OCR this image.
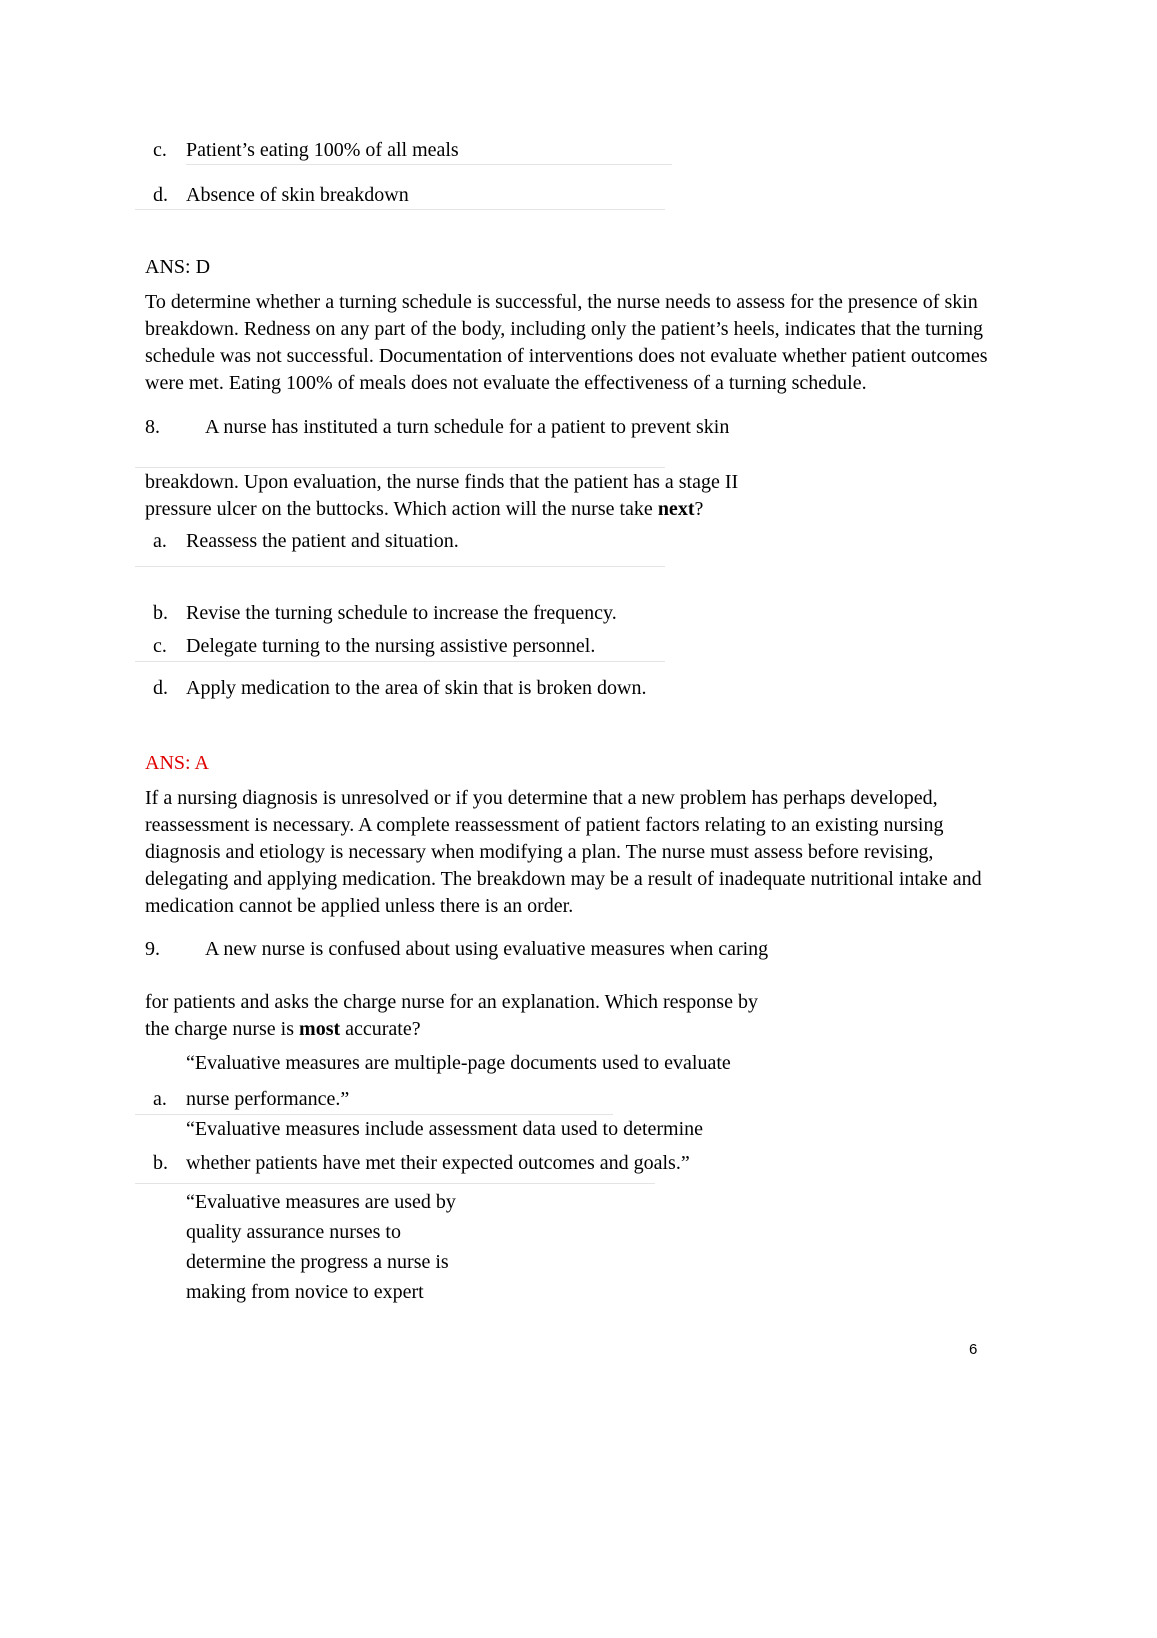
c. Patient’s eating 100% of all meals
d. Absence of skin breakdown
ANS: D

To determine whether a turning schedule is successful, the nurse needs to assess for the presence of skin breakdown. Redness on any part of the body, including only the patient’s heels, indicates that the turning schedule was not successful. Documentation of interventions does not evaluate whether patient outcomes were met. Eating 100% of meals does not evaluate the effectiveness of a turning schedule.

8.	A nurse has instituted a turn schedule for a patient to prevent skin
breakdown. Upon evaluation, the nurse finds that the patient has a stage II
pressure ulcer on the buttocks. Which action will the nurse take next?
a. Reassess the patient and situation.
b. Revise the turning schedule to increase the frequency.
c. Delegate turning to the nursing assistive personnel.
d. Apply medication to the area of skin that is broken down.
ANS: A

If a nursing diagnosis is unresolved or if you determine that a new problem has perhaps developed, reassessment is necessary. A complete reassessment of patient factors relating to an existing nursing diagnosis and etiology is necessary when modifying a plan. The nurse must assess before revising, delegating and applying medication. The breakdown may be a result of inadequate nutritional intake and medication cannot be applied unless there is an order.

9.	A new nurse is confused about using evaluative measures when caring
for patients and asks the charge nurse for an explanation. Which response by
the charge nurse is most accurate?
“Evaluative measures are multiple-page documents used to evaluate
a. nurse performance.”
“Evaluative measures include assessment data used to determine
b. whether patients have met their expected outcomes and goals.”
“Evaluative measures are used by
quality assurance nurses to
determine the progress a nurse is
making from novice to expert
6
